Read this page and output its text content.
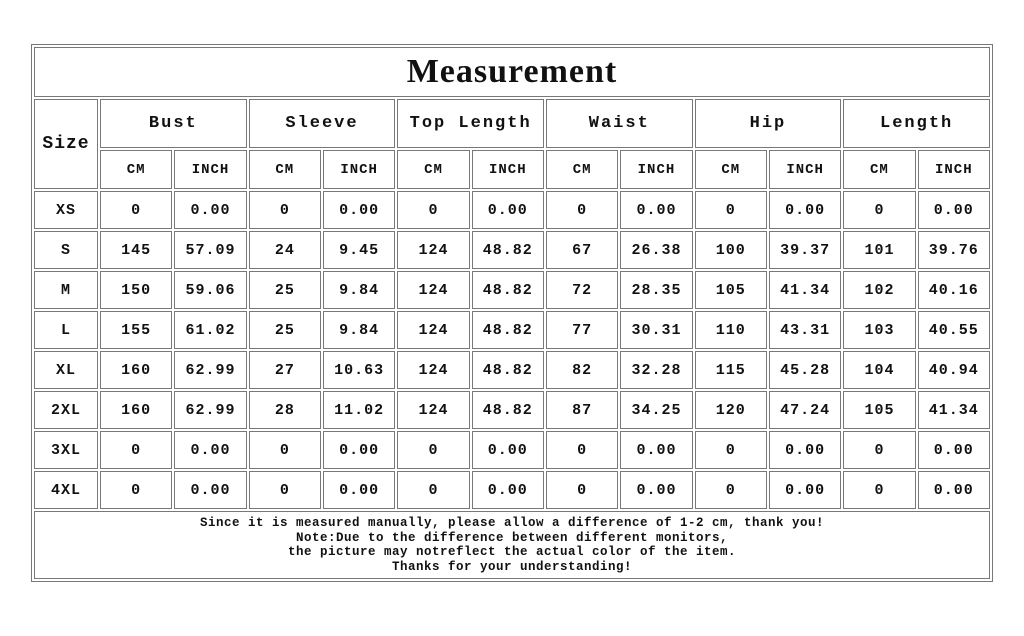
Measurement												
Size	Bust		Sleeve		Top Length		Waist		Hip		Length	
	CM	INCH	CM	INCH	CM	INCH	CM	INCH	CM	INCH	CM	INCH
XS	0	0.00	0	0.00	0	0.00	0	0.00	0	0.00	0	0.00
S	145	57.09	24	9.45	124	48.82	67	26.38	100	39.37	101	39.76
M	150	59.06	25	9.84	124	48.82	72	28.35	105	41.34	102	40.16
L	155	61.02	25	9.84	124	48.82	77	30.31	110	43.31	103	40.55
XL	160	62.99	27	10.63	124	48.82	82	32.28	115	45.28	104	40.94
2XL	160	62.99	28	11.02	124	48.82	87	34.25	120	47.24	105	41.34
3XL	0	0.00	0	0.00	0	0.00	0	0.00	0	0.00	0	0.00
4XL	0	0.00	0	0.00	0	0.00	0	0.00	0	0.00	0	0.00

Since it is measured manually, please allow a difference of 1-2 cm, thank you!
Note:Due to the difference between different monitors,
the picture may notreflect the actual color of the item.
Thanks for your understanding!												
